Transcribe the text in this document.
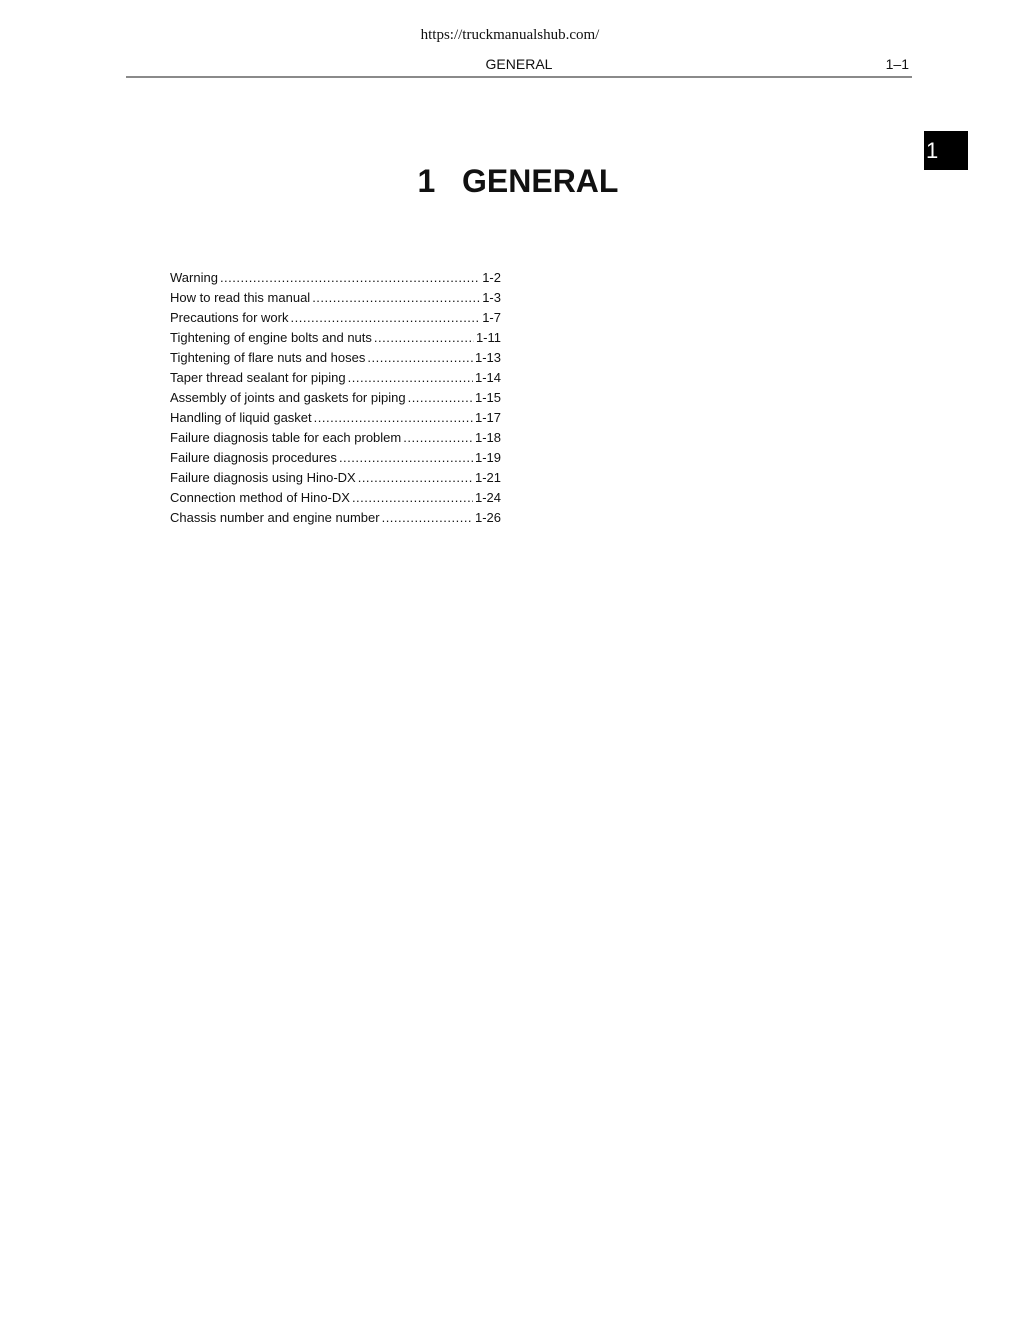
https://truckmanualshub.com/
GENERAL	1–1
1
1 GENERAL
Warning .....	1-2
How to read this manual .....	1-3
Precautions for work .....	1-7
Tightening of engine bolts and nuts .....	1-11
Tightening of flare nuts and hoses .....	1-13
Taper thread sealant for piping .....	1-14
Assembly of joints and gaskets for piping .....	1-15
Handling of liquid gasket .....	1-17
Failure diagnosis table for each problem .....	1-18
Failure diagnosis procedures .....	1-19
Failure diagnosis using Hino-DX .....	1-21
Connection method of Hino-DX .....	1-24
Chassis number and engine number .....	1-26
